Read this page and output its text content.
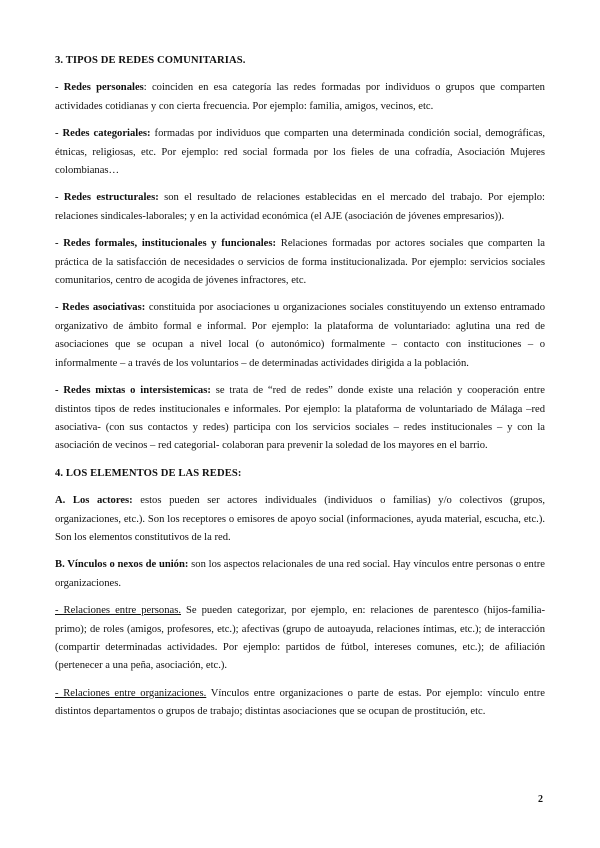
3. TIPOS DE REDES COMUNITARIAS.

- Redes personales: coinciden en esa categoría las redes formadas por individuos o grupos que comparten actividades cotidianas y con cierta frecuencia. Por ejemplo: familia, amigos, vecinos, etc.

- Redes categoriales: formadas por individuos que comparten una determinada condición social, demográficas, étnicas, religiosas, etc. Por ejemplo: red social formada por los fieles de una cofradía, Asociación Mujeres colombianas…

- Redes estructurales: son el resultado de relaciones establecidas en el mercado del trabajo. Por ejemplo: relaciones sindicales-laborales; y en la actividad económica (el AJE (asociación de jóvenes empresarios)).

- Redes formales, institucionales y funcionales: Relaciones formadas por actores sociales que comparten la práctica de la satisfacción de necesidades o servicios de forma institucionalizada. Por ejemplo: servicios sociales comunitarios, centro de acogida de jóvenes infractores, etc.

- Redes asociativas: constituida por asociaciones u organizaciones sociales constituyendo un extenso entramado organizativo de ámbito formal e informal. Por ejemplo: la plataforma de voluntariado: aglutina una red de asociaciones que se ocupan a nivel local (o autonómico) formalmente – contacto con instituciones – o informalmente – a través de los voluntarios – de determinadas actividades dirigida a la población.

- Redes mixtas o intersistemicas: se trata de “red de redes” donde existe una relación y cooperación entre distintos tipos de redes institucionales e informales. Por ejemplo: la plataforma de voluntariado de Málaga –red asociativa- (con sus contactos y redes) participa con los servicios sociales – redes institucionales – y con la asociación de vecinos – red categorial- colaboran para prevenir la soledad de los mayores en el barrio.

4. LOS ELEMENTOS DE LAS REDES:

A. Los actores: estos pueden ser actores individuales (individuos o familias) y/o colectivos (grupos, organizaciones, etc.). Son los receptores o emisores de apoyo social (informaciones, ayuda material, escucha, etc.). Son los elementos constitutivos de la red.

B. Vínculos o nexos de unión: son los aspectos relacionales de una red social. Hay vínculos entre personas o entre organizaciones.

- Relaciones entre personas. Se pueden categorizar, por ejemplo, en: relaciones de parentesco (hijos-familia-primo); de roles (amigos, profesores, etc.); afectivas (grupo de autoayuda, relaciones íntimas, etc.); de interacción (compartir determinadas actividades. Por ejemplo: partidos de fútbol, intereses comunes, etc.); de afiliación (pertenecer a una peña, asociación, etc.).

- Relaciones entre organizaciones. Vínculos entre organizaciones o parte de estas. Por ejemplo: vínculo entre distintos departamentos o grupos de trabajo; distintas asociaciones que se ocupan de prostitución, etc.

2
